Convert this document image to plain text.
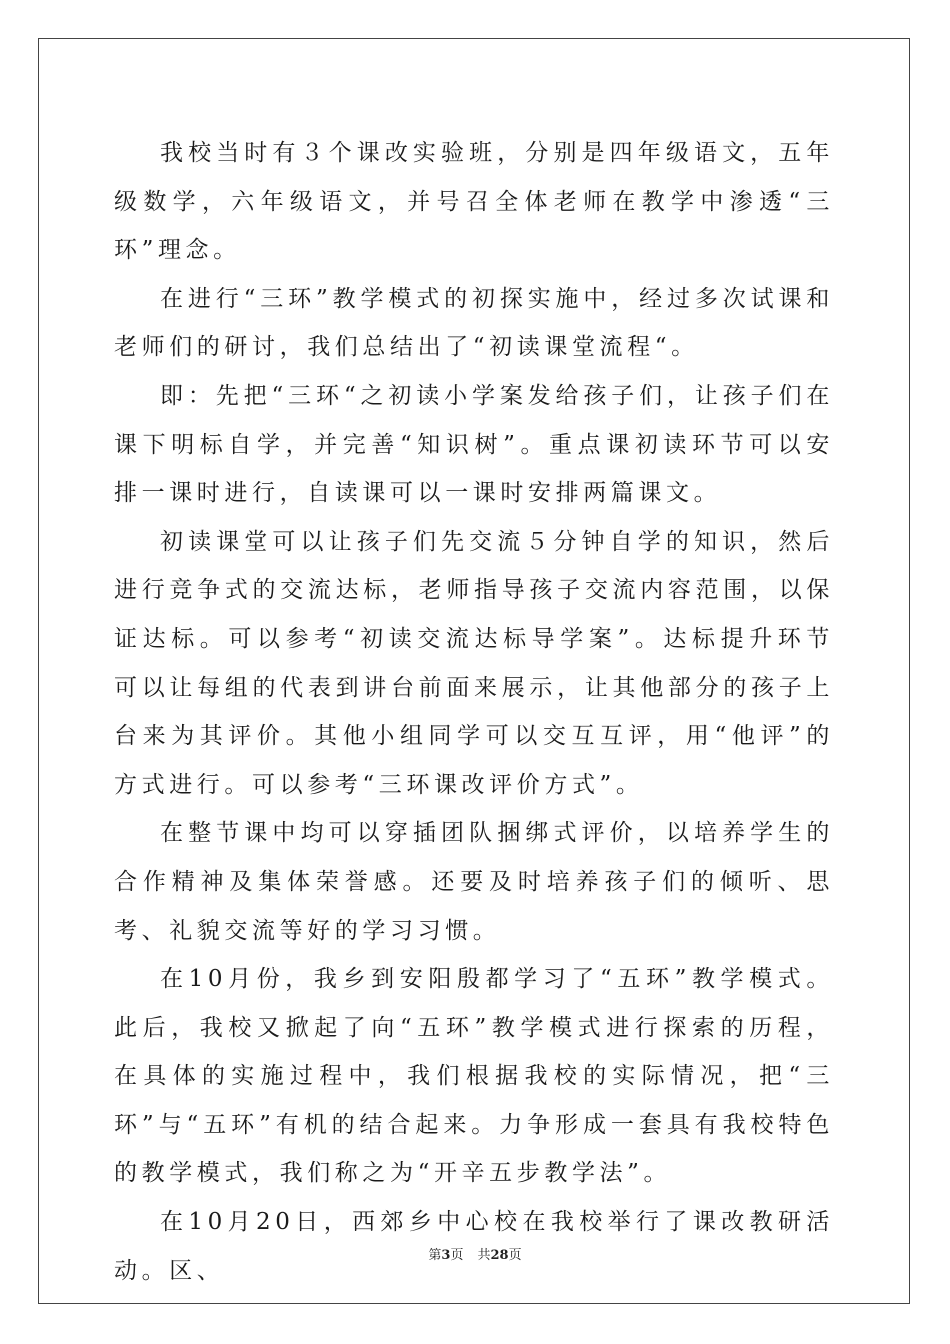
我校当时有３个课改实验班，分别是四年级语文，五年级数学，六年级语文，并号召全体老师在教学中渗透“三环”理念。

在进行“三环”教学模式的初探实施中，经过多次试课和老师们的研讨，我们总结出了“初读课堂流程“。

即：先把“三环“之初读小学案发给孩子们，让孩子们在课下明标自学，并完善“知识树”。重点课初读环节可以安排一课时进行，自读课可以一课时安排两篇课文。

初读课堂可以让孩子们先交流５分钟自学的知识，然后进行竞争式的交流达标，老师指导孩子交流内容范围，以保证达标。可以参考“初读交流达标导学案”。达标提升环节可以让每组的代表到讲台前面来展示，让其他部分的孩子上台来为其评价。其他小组同学可以交互互评，用“他评”的方式进行。可以参考“三环课改评价方式”。

在整节课中均可以穿插团队捆绑式评价，以培养学生的合作精神及集体荣誉感。还要及时培养孩子们的倾听、思考、礼貌交流等好的学习习惯。

在10月份，我乡到安阳殷都学习了“五环”教学模式。此后，我校又掀起了向“五环”教学模式进行探索的历程，在具体的实施过程中，我们根据我校的实际情况，把“三环”与“五环”有机的结合起来。力争形成一套具有我校特色的教学模式，我们称之为“开辛五步教学法”。

在10月20日，西郊乡中心校在我校举行了课改教研活动。区、

第3页 共28页
